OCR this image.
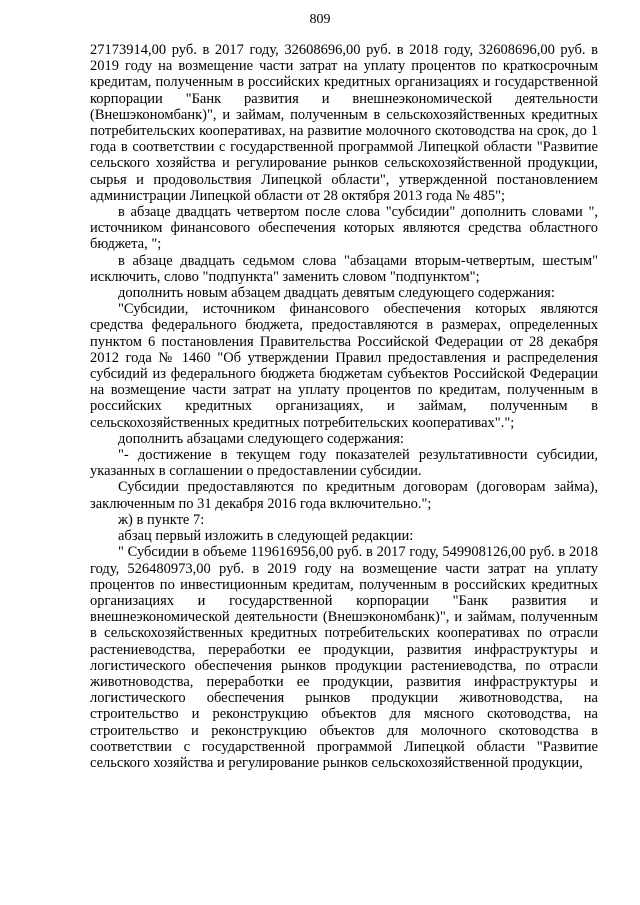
809

27173914,00 руб. в 2017 году, 32608696,00 руб. в 2018 году, 32608696,00 руб. в 2019 году на возмещение части затрат на уплату процентов по краткосрочным кредитам, полученным в российских кредитных организациях и государственной корпорации "Банк развития и внешнеэкономической деятельности (Внешэкономбанк)", и займам, полученным в сельскохозяйственных кредитных потребительских кооперативах, на развитие молочного скотоводства на срок, до 1 года в соответствии с государственной программой Липецкой области "Развитие сельского хозяйства и регулирование рынков сельскохозяйственной продукции, сырья и продовольствия Липецкой области", утвержденной постановлением администрации Липецкой области от 28 октября 2013 года № 485";

в абзаце двадцать четвертом после слова "субсидии" дополнить словами ", источником финансового обеспечения которых являются средства областного бюджета, ";

в абзаце двадцать седьмом слова "абзацами вторым-четвертым, шестым" исключить, слово "подпункта" заменить словом "подпунктом";

дополнить новым абзацем двадцать девятым следующего содержания:

"Субсидии, источником финансового обеспечения которых являются средства федерального бюджета, предоставляются в размерах, определенных пунктом 6 постановления Правительства Российской Федерации от 28 декабря 2012 года № 1460 "Об утверждении Правил предоставления и распределения субсидий из федерального бюджета бюджетам субъектов Российской Федерации на возмещение части затрат на уплату процентов по кредитам, полученным в российских кредитных организациях, и займам, полученным в сельскохозяйственных кредитных потребительских кооперативах".";

дополнить абзацами следующего содержания:

"- достижение в текущем году показателей результативности субсидии, указанных в соглашении о предоставлении субсидии.

Субсидии предоставляются по кредитным договорам (договорам займа), заключенным по 31 декабря 2016 года включительно.";

ж) в пункте 7:

абзац первый изложить в следующей редакции:

" Субсидии в объеме 119616956,00 руб. в 2017 году, 549908126,00 руб. в 2018 году, 526480973,00 руб. в 2019 году на возмещение части затрат на уплату процентов по инвестиционным кредитам, полученным в российских кредитных организациях и государственной корпорации "Банк развития и внешнеэкономической деятельности (Внешэкономбанк)", и займам, полученным в сельскохозяйственных кредитных потребительских кооперативах по отрасли растениеводства, переработки ее продукции, развития инфраструктуры и логистического обеспечения рынков продукции растениеводства, по отрасли животноводства, переработки ее продукции, развития инфраструктуры и логистического обеспечения рынков продукции животноводства, на строительство и реконструкцию объектов для мясного скотоводства, на строительство и реконструкцию объектов для молочного скотоводства в соответствии с государственной программой Липецкой области "Развитие сельского хозяйства и регулирование рынков сельскохозяйственной продукции,
